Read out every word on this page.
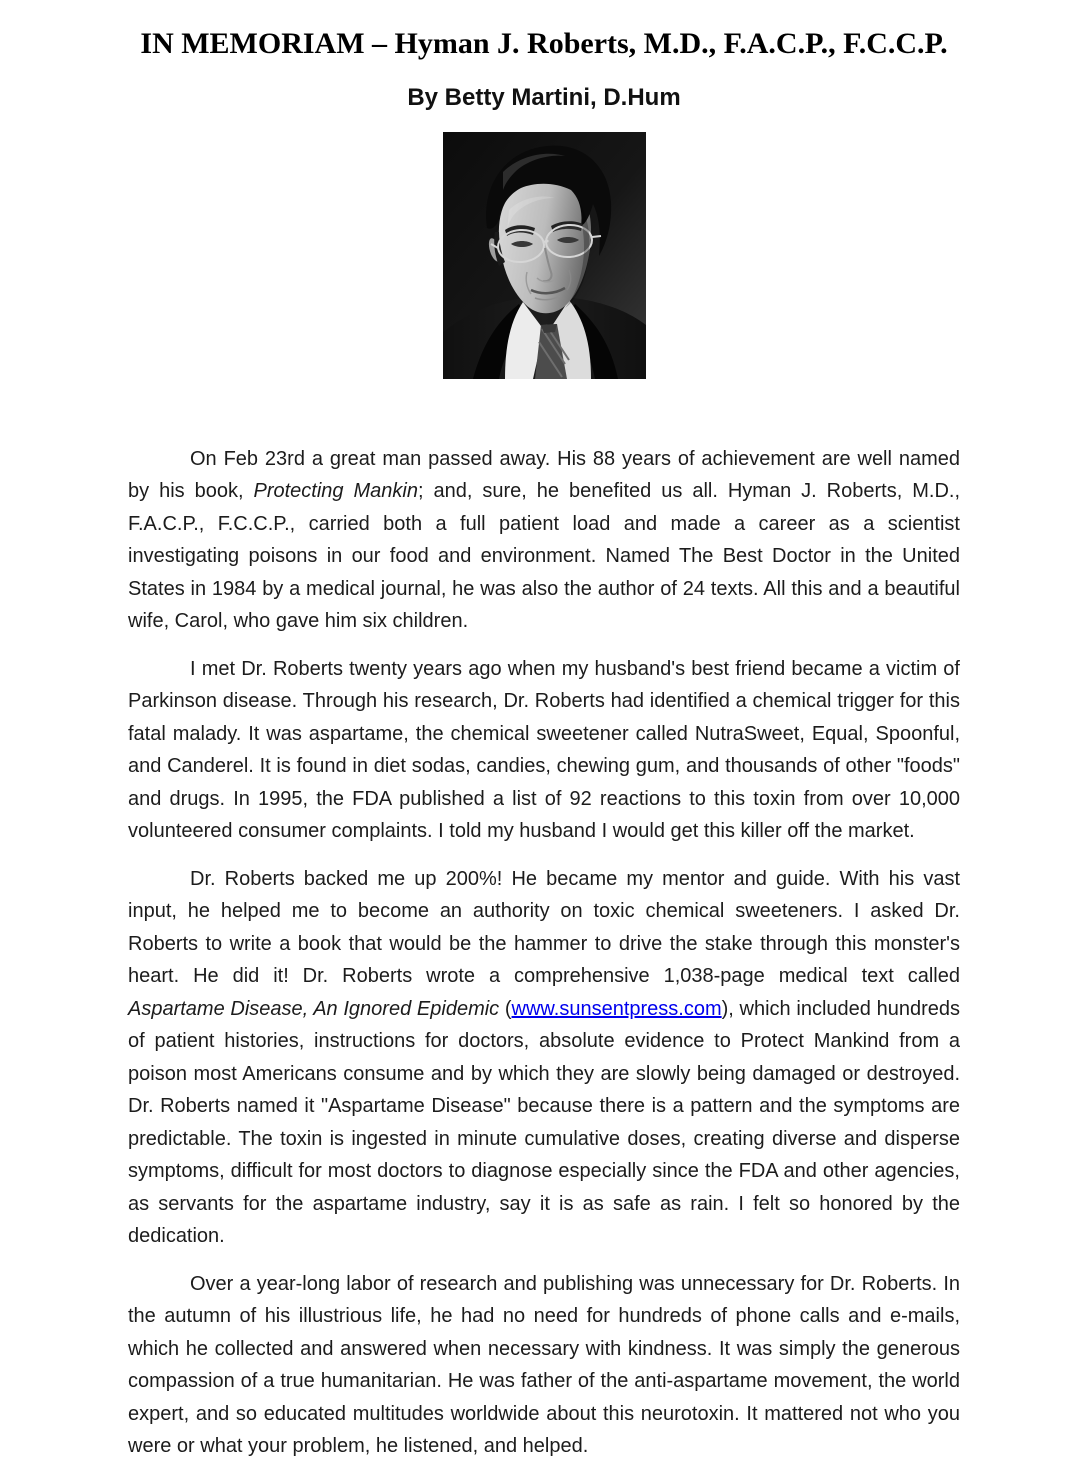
IN MEMORIAM – Hyman J. Roberts, M.D., F.A.C.P., F.C.C.P.
By Betty Martini, D.Hum

On Feb 23rd a great man passed away. His 88 years of achievement are well named by his book, Protecting Mankin; and, sure, he benefited us all. Hyman J. Roberts, M.D., F.A.C.P., F.C.C.P., carried both a full patient load and made a career as a scientist investigating poisons in our food and environment. Named The Best Doctor in the United States in 1984 by a medical journal, he was also the author of 24 texts. All this and a beautiful wife, Carol, who gave him six children.

I met Dr. Roberts twenty years ago when my husband's best friend became a victim of Parkinson disease. Through his research, Dr. Roberts had identified a chemical trigger for this fatal malady. It was aspartame, the chemical sweetener called NutraSweet, Equal, Spoonful, and Canderel. It is found in diet sodas, candies, chewing gum, and thousands of other "foods" and drugs. In 1995, the FDA published a list of 92 reactions to this toxin from over 10,000 volunteered consumer complaints. I told my husband I would get this killer off the market.

Dr. Roberts backed me up 200%! He became my mentor and guide. With his vast input, he helped me to become an authority on toxic chemical sweeteners. I asked Dr. Roberts to write a book that would be the hammer to drive the stake through this monster's heart. He did it! Dr. Roberts wrote a comprehensive 1,038-page medical text called Aspartame Disease, An Ignored Epidemic (www.sunsentpress.com), which included hundreds of patient histories, instructions for doctors, absolute evidence to Protect Mankind from a poison most Americans consume and by which they are slowly being damaged or destroyed. Dr. Roberts named it "Aspartame Disease" because there is a pattern and the symptoms are predictable. The toxin is ingested in minute cumulative doses, creating diverse and disperse symptoms, difficult for most doctors to diagnose especially since the FDA and other agencies, as servants for the aspartame industry, say it is as safe as rain. I felt so honored by the dedication.

Over a year-long labor of research and publishing was unnecessary for Dr. Roberts. In the autumn of his illustrious life, he had no need for hundreds of phone calls and e-mails, which he collected and answered when necessary with kindness. It was simply the generous compassion of a true humanitarian. He was father of the anti-aspartame movement, the world expert, and so educated multitudes worldwide about this neurotoxin. It mattered not who you were or what your problem, he listened, and helped.
